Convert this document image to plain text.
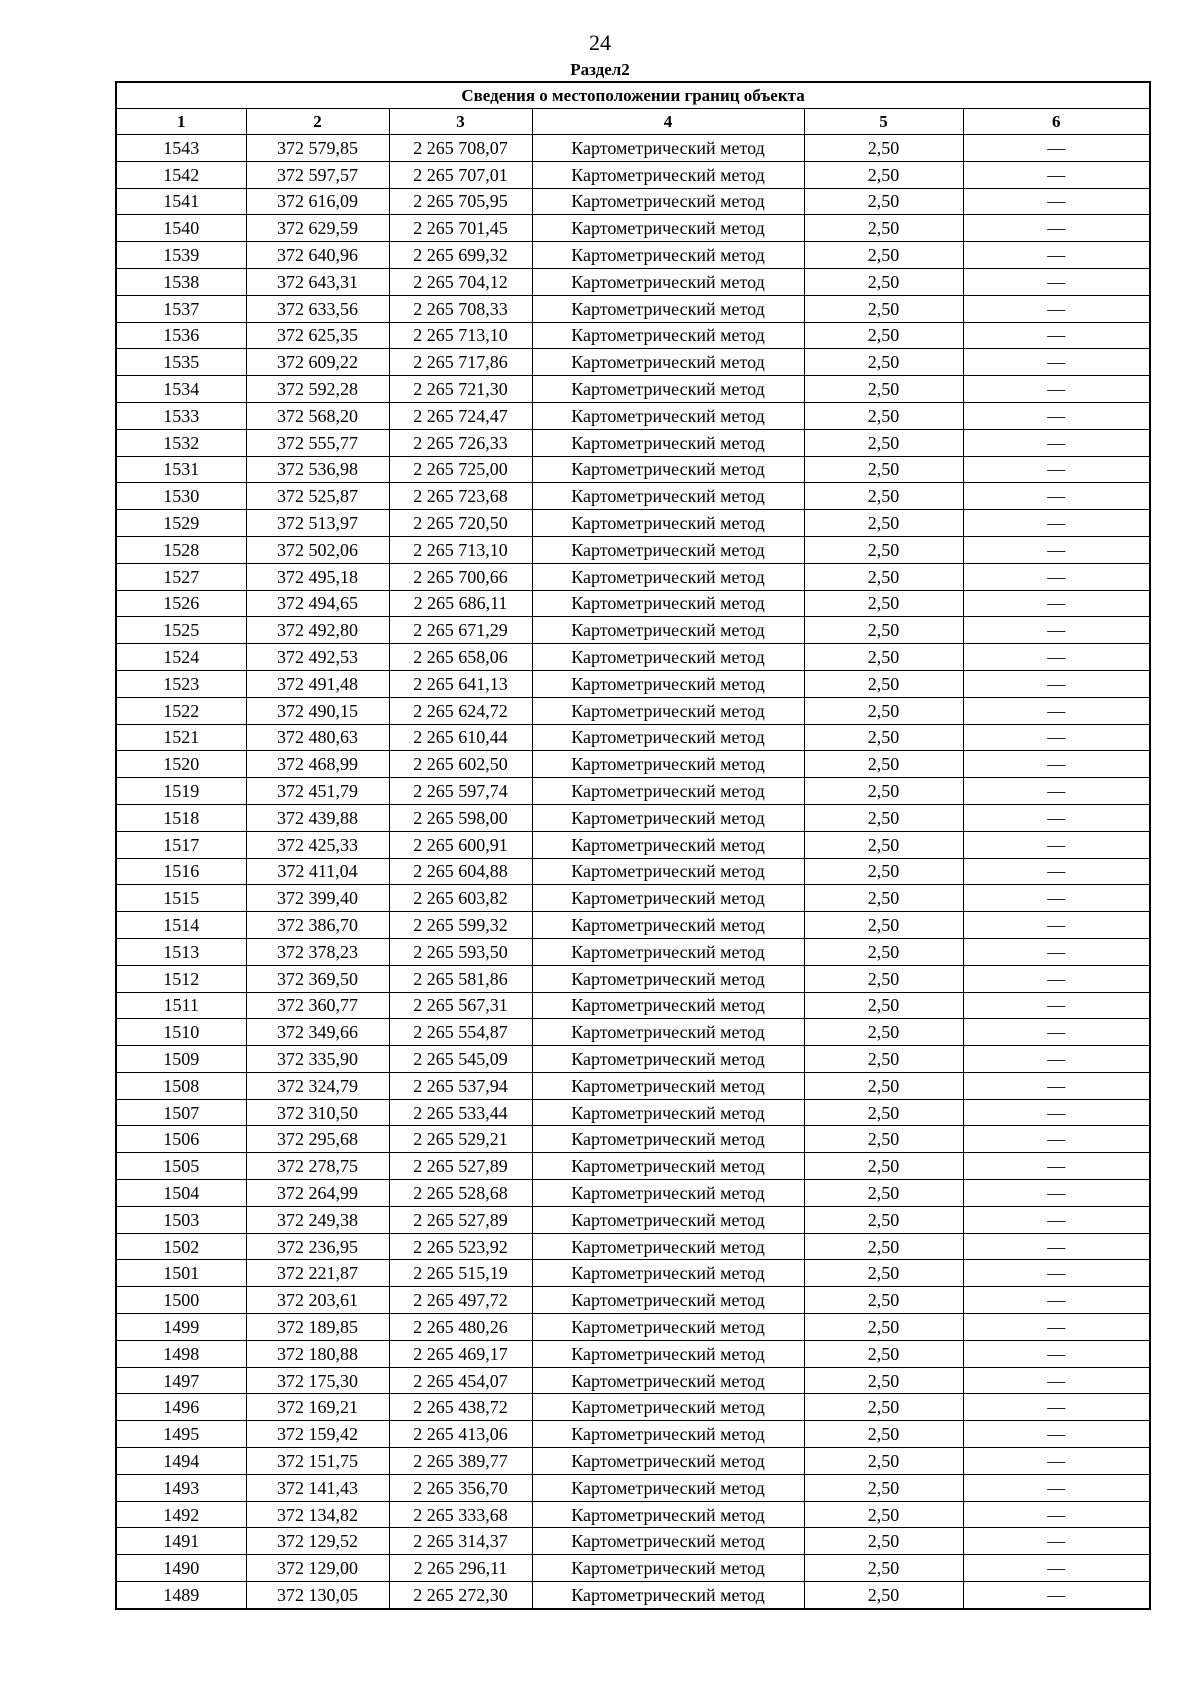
24
Раздел2
Сведения о местоположении границ объекта					
1	2	3	4	5	6
1543	372 579,85	2 265 708,07	Картометрический метод	2,50	—
1542	372 597,57	2 265 707,01	Картометрический метод	2,50	—
1541	372 616,09	2 265 705,95	Картометрический метод	2,50	—
1540	372 629,59	2 265 701,45	Картометрический метод	2,50	—
1539	372 640,96	2 265 699,32	Картометрический метод	2,50	—
1538	372 643,31	2 265 704,12	Картометрический метод	2,50	—
1537	372 633,56	2 265 708,33	Картометрический метод	2,50	—
1536	372 625,35	2 265 713,10	Картометрический метод	2,50	—
1535	372 609,22	2 265 717,86	Картометрический метод	2,50	—
1534	372 592,28	2 265 721,30	Картометрический метод	2,50	—
1533	372 568,20	2 265 724,47	Картометрический метод	2,50	—
1532	372 555,77	2 265 726,33	Картометрический метод	2,50	—
1531	372 536,98	2 265 725,00	Картометрический метод	2,50	—
1530	372 525,87	2 265 723,68	Картометрический метод	2,50	—
1529	372 513,97	2 265 720,50	Картометрический метод	2,50	—
1528	372 502,06	2 265 713,10	Картометрический метод	2,50	—
1527	372 495,18	2 265 700,66	Картометрический метод	2,50	—
1526	372 494,65	2 265 686,11	Картометрический метод	2,50	—
1525	372 492,80	2 265 671,29	Картометрический метод	2,50	—
1524	372 492,53	2 265 658,06	Картометрический метод	2,50	—
1523	372 491,48	2 265 641,13	Картометрический метод	2,50	—
1522	372 490,15	2 265 624,72	Картометрический метод	2,50	—
1521	372 480,63	2 265 610,44	Картометрический метод	2,50	—
1520	372 468,99	2 265 602,50	Картометрический метод	2,50	—
1519	372 451,79	2 265 597,74	Картометрический метод	2,50	—
1518	372 439,88	2 265 598,00	Картометрический метод	2,50	—
1517	372 425,33	2 265 600,91	Картометрический метод	2,50	—
1516	372 411,04	2 265 604,88	Картометрический метод	2,50	—
1515	372 399,40	2 265 603,82	Картометрический метод	2,50	—
1514	372 386,70	2 265 599,32	Картометрический метод	2,50	—
1513	372 378,23	2 265 593,50	Картометрический метод	2,50	—
1512	372 369,50	2 265 581,86	Картометрический метод	2,50	—
1511	372 360,77	2 265 567,31	Картометрический метод	2,50	—
1510	372 349,66	2 265 554,87	Картометрический метод	2,50	—
1509	372 335,90	2 265 545,09	Картометрический метод	2,50	—
1508	372 324,79	2 265 537,94	Картометрический метод	2,50	—
1507	372 310,50	2 265 533,44	Картометрический метод	2,50	—
1506	372 295,68	2 265 529,21	Картометрический метод	2,50	—
1505	372 278,75	2 265 527,89	Картометрический метод	2,50	—
1504	372 264,99	2 265 528,68	Картометрический метод	2,50	—
1503	372 249,38	2 265 527,89	Картометрический метод	2,50	—
1502	372 236,95	2 265 523,92	Картометрический метод	2,50	—
1501	372 221,87	2 265 515,19	Картометрический метод	2,50	—
1500	372 203,61	2 265 497,72	Картометрический метод	2,50	—
1499	372 189,85	2 265 480,26	Картометрический метод	2,50	—
1498	372 180,88	2 265 469,17	Картометрический метод	2,50	—
1497	372 175,30	2 265 454,07	Картометрический метод	2,50	—
1496	372 169,21	2 265 438,72	Картометрический метод	2,50	—
1495	372 159,42	2 265 413,06	Картометрический метод	2,50	—
1494	372 151,75	2 265 389,77	Картометрический метод	2,50	—
1493	372 141,43	2 265 356,70	Картометрический метод	2,50	—
1492	372 134,82	2 265 333,68	Картометрический метод	2,50	—
1491	372 129,52	2 265 314,37	Картометрический метод	2,50	—
1490	372 129,00	2 265 296,11	Картометрический метод	2,50	—
1489	372 130,05	2 265 272,30	Картометрический метод	2,50	—
